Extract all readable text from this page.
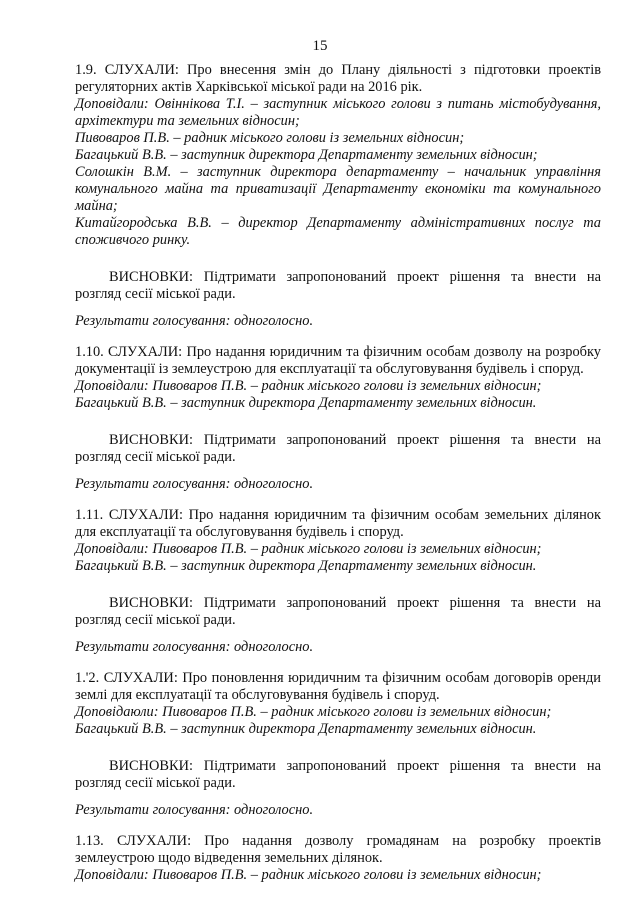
15

1.9. СЛУХАЛИ: Про внесення змін до Плану діяльності з підготовки проектів регуляторних актів Харківської міської ради на 2016 рік.

Доповідали: Овіннікова Т.І. – заступник міського голови з питань містобудування, архітектури та земельних відносин;

Пивоваров П.В. – радник міського голови із земельних відносин;

Багацький В.В. – заступник директора Департаменту земельних відносин;

Солошкін В.М. – заступник директора департаменту – начальник управління комунального майна та приватизації Департаменту економіки та комунального майна;

Китайгородська В.В. – директор Департаменту адміністративних послуг та споживчого ринку.

ВИСНОВКИ: Підтримати запропонований проект рішення та внести на розгляд сесії міської ради.

Результати голосування: одноголосно.

1.10. СЛУХАЛИ: Про надання юридичним та фізичним особам дозволу на розробку документації із землеустрою для експлуатації та обслуговування будівель і споруд.

Доповідали: Пивоваров П.В. – радник міського голови із земельних відносин;

Багацький В.В. – заступник директора Департаменту земельних відносин.

ВИСНОВКИ: Підтримати запропонований проект рішення та внести на розгляд сесії міської ради.

Результати голосування: одноголосно.

1.11. СЛУХАЛИ: Про надання юридичним та фізичним особам земельних ділянок для експлуатації та обслуговування будівель і споруд.

Доповідали: Пивоваров П.В. – радник міського голови із земельних відносин;

Багацький В.В. – заступник директора Департаменту земельних відносин.

ВИСНОВКИ: Підтримати запропонований проект рішення та внести на розгляд сесії міської ради.

Результати голосування: одноголосно.

1.'2. СЛУХАЛИ: Про поновлення юридичним та фізичним особам договорів оренди землі для експлуатації та обслуговування будівель і споруд.

Доповідаюли: Пивоваров П.В. – радник міського голови із земельних відносин;

Багацький В.В. – заступник директора Департаменту земельних відносин.

ВИСНОВКИ: Підтримати запропонований проект рішення та внести на розгляд сесії міської ради.

Результати голосування: одноголосно.

1.13. СЛУХАЛИ: Про надання дозволу громадянам на розробку проектів землеустрою щодо відведення земельних ділянок.

Доповідали: Пивоваров П.В. – радник міського голови із земельних відносин;
